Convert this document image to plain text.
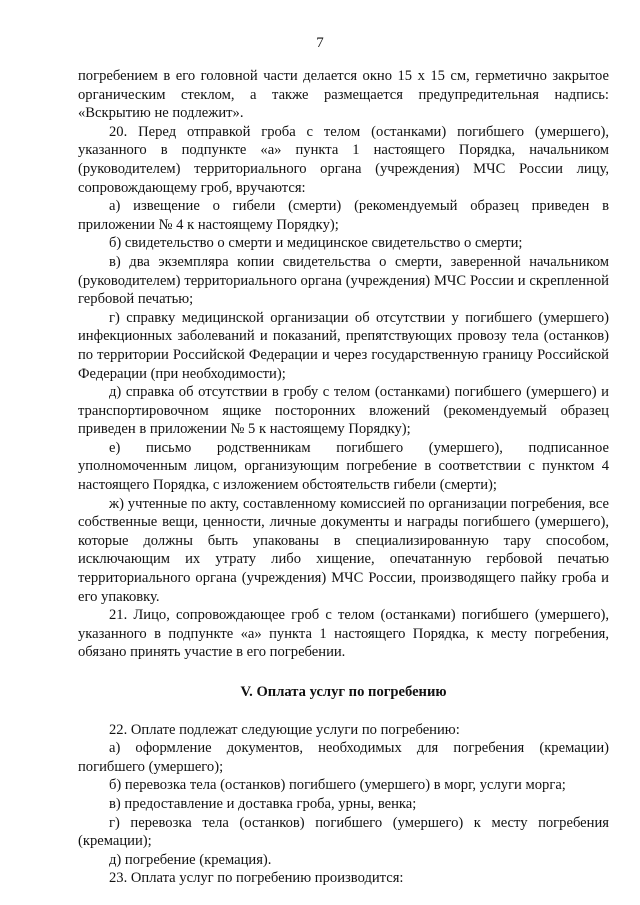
7

погребением в его головной части делается окно 15 х 15 см, герметично закрытое органическим стеклом, а также размещается предупредительная надпись: «Вскрытию не подлежит».

20. Перед отправкой гроба с телом (останками) погибшего (умершего), указанного в подпункте «а» пункта 1 настоящего Порядка, начальником (руководителем) территориального органа (учреждения) МЧС России лицу, сопровождающему гроб, вручаются:

а) извещение о гибели (смерти) (рекомендуемый образец приведен в приложении № 4 к настоящему Порядку);

б) свидетельство о смерти и медицинское свидетельство о смерти;

в) два экземпляра копии свидетельства о смерти, заверенной начальником (руководителем) территориального органа (учреждения) МЧС России и скрепленной гербовой печатью;

г) справку медицинской организации об отсутствии у погибшего (умершего) инфекционных заболеваний и показаний, препятствующих провозу тела (останков) по территории Российской Федерации и через государственную границу Российской Федерации (при необходимости);

д) справка об отсутствии в гробу с телом (останками) погибшего (умершего) и транспортировочном ящике посторонних вложений (рекомендуемый образец приведен в приложении № 5 к настоящему Порядку);

е) письмо родственникам погибшего (умершего), подписанное уполномоченным лицом, организующим погребение в соответствии с пунктом 4 настоящего Порядка, с изложением обстоятельств гибели (смерти);

ж) учтенные по акту, составленному комиссией по организации погребения, все собственные вещи, ценности, личные документы и награды погибшего (умершего), которые должны быть упакованы в специализированную тару способом, исключающим их утрату либо хищение, опечатанную гербовой печатью территориального органа (учреждения) МЧС России, производящего пайку гроба и его упаковку.

21. Лицо, сопровождающее гроб с телом (останками) погибшего (умершего), указанного в подпункте «а» пункта 1 настоящего Порядка, к месту погребения, обязано принять участие в его погребении.

V. Оплата услуг по погребению

22. Оплате подлежат следующие услуги по погребению:

а) оформление документов, необходимых для погребения (кремации) погибшего (умершего);

б) перевозка тела (останков) погибшего (умершего) в морг, услуги морга;

в) предоставление и доставка гроба, урны, венка;

г) перевозка тела (останков) погибшего (умершего) к месту погребения (кремации);

д) погребение (кремация).

23. Оплата услуг по погребению производится:
